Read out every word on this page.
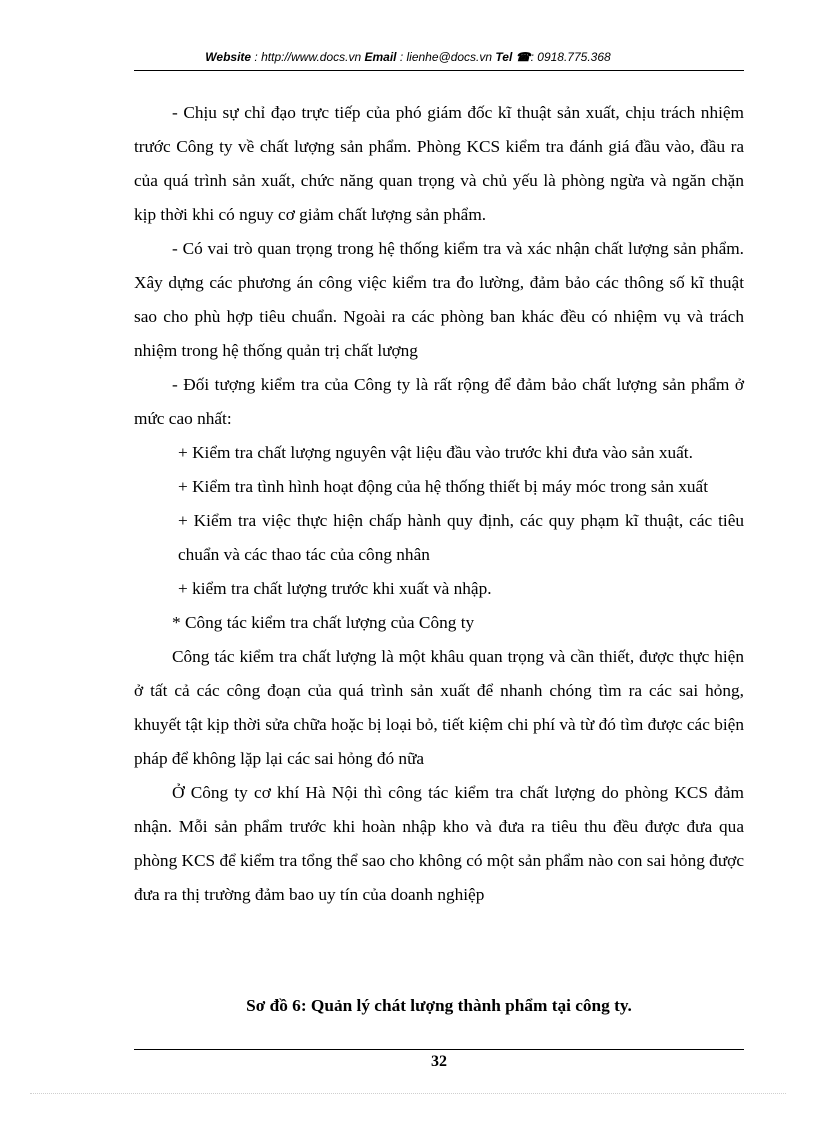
Website : http://www.docs.vn Email : lienhe@docs.vn Tel ☎: 0918.775.368

- Chịu sự chỉ đạo trực tiếp của phó giám đốc kĩ thuật sản xuất, chịu trách nhiệm trước Công ty về chất lượng sản phẩm. Phòng KCS kiểm tra đánh giá đầu vào, đầu ra của quá trình sản xuất, chức năng quan trọng và chủ yếu là phòng ngừa và ngăn chặn kịp thời khi có nguy cơ giảm chất lượng sản phẩm.

- Có vai trò quan trọng trong hệ thống kiểm tra và xác nhận chất lượng sản phẩm. Xây dựng các phương án công việc kiểm tra đo lường, đảm bảo các thông số kĩ thuật sao cho phù hợp tiêu chuẩn. Ngoài ra các phòng ban khác đều có nhiệm vụ và trách nhiệm trong hệ thống quản trị chất lượng

- Đối tượng kiểm tra của Công ty là rất rộng để đảm bảo chất lượng sản phẩm ở mức cao nhất:

+ Kiểm tra chất lượng nguyên vật liệu đầu vào trước khi đưa vào sản xuất.

+ Kiểm tra tình hình hoạt động của hệ thống thiết bị máy móc trong sản xuất

+ Kiểm tra việc thực hiện chấp hành quy định, các quy phạm kĩ thuật, các tiêu chuẩn và các thao tác của công nhân

+ kiểm tra chất lượng trước khi xuất và nhập.

* Công tác kiểm tra chất lượng của Công ty

Công tác kiểm tra chất lượng là một khâu quan trọng và cần thiết, được thực hiện ở tất cả các công đoạn của quá trình sản xuất để nhanh chóng tìm ra các sai hỏng, khuyết tật kịp thời sửa chữa hoặc bị loại bỏ, tiết kiệm chi phí và từ đó tìm được các biện pháp để không lặp lại các sai hỏng đó nữa

Ở Công ty cơ khí Hà Nội thì công tác kiểm tra chất lượng do phòng KCS đảm nhận. Mỗi sản phẩm trước khi hoàn nhập kho và đưa ra tiêu thu đều được đưa qua phòng KCS để kiểm tra tổng thể sao cho không có một sản phẩm nào con sai hỏng được đưa ra thị trường đảm bao uy tín của doanh nghiệp

Sơ đồ 6: Quản lý chát lượng thành phẩm tại công ty.
32
